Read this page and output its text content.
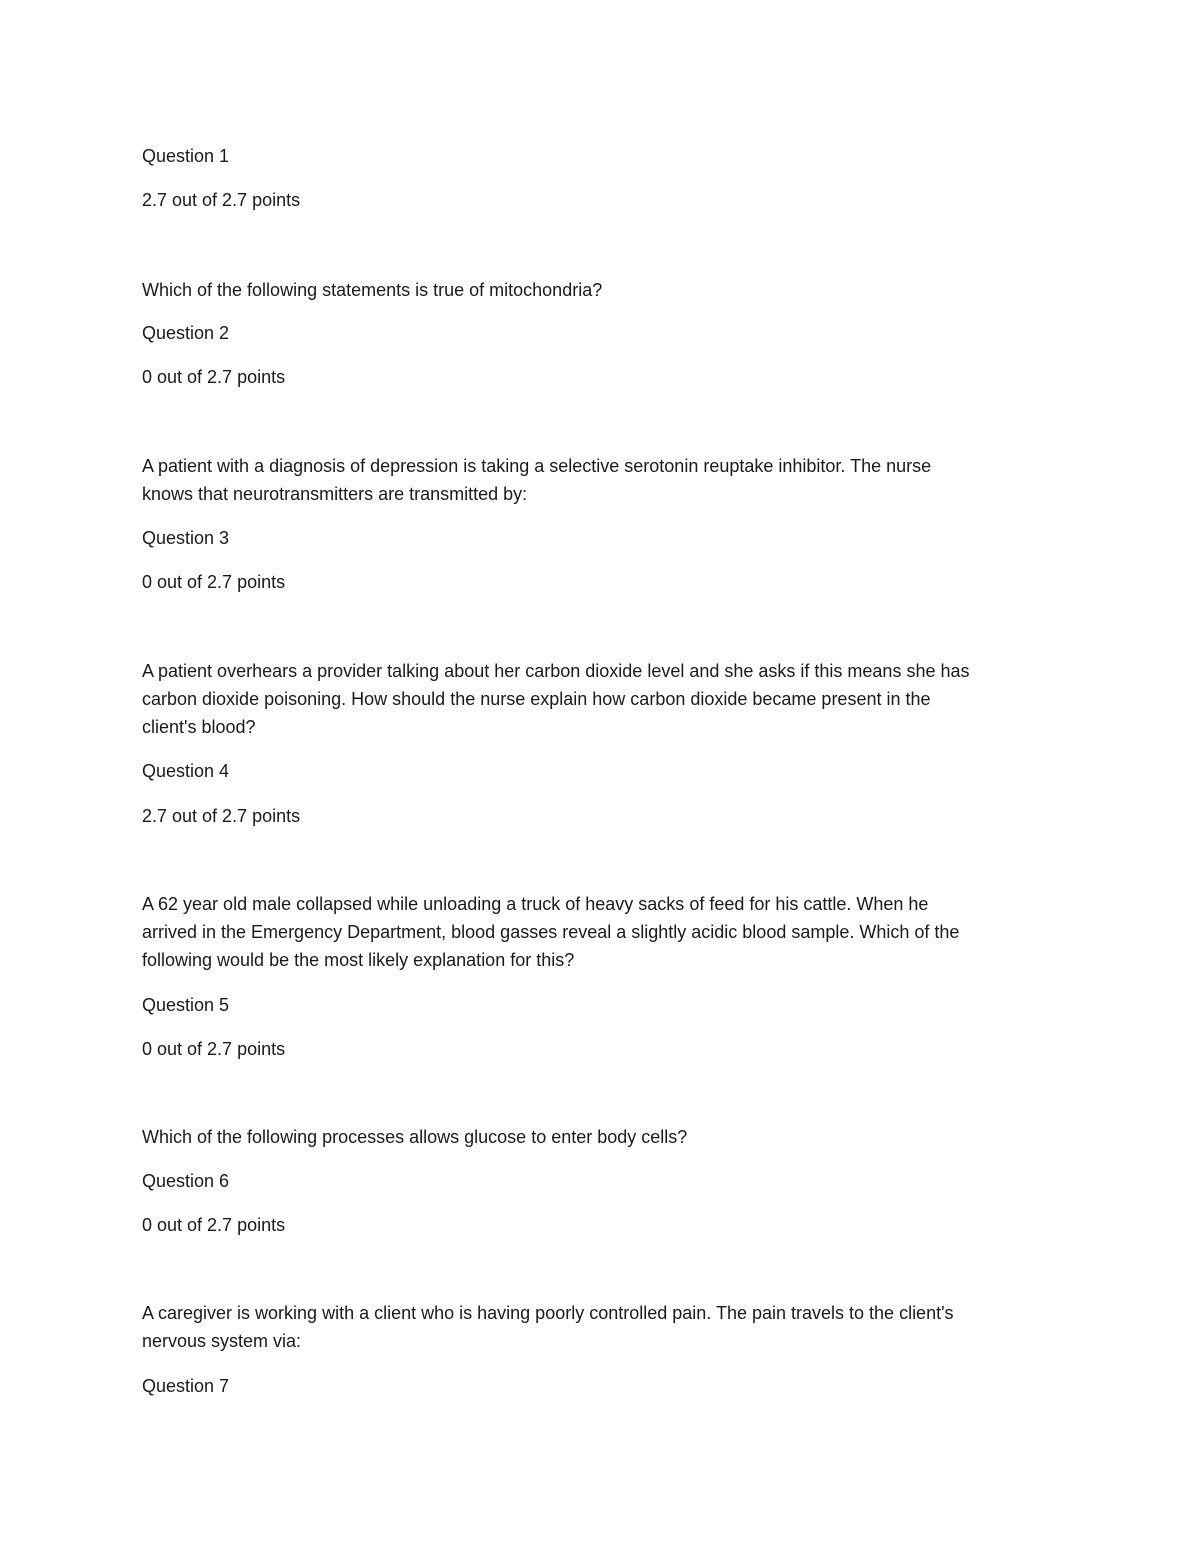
Question 1
2.7 out of 2.7 points
Which of the following statements is true of mitochondria?
Question 2
0 out of 2.7 points
A patient with a diagnosis of depression is taking a selective serotonin reuptake inhibitor. The nurse
knows that neurotransmitters are transmitted by:
Question 3
0 out of 2.7 points
A patient overhears a provider talking about her carbon dioxide level and she asks if this means she has
carbon dioxide poisoning. How should the nurse explain how carbon dioxide became present in the
client's blood?
Question 4
2.7 out of 2.7 points
A 62 year old male collapsed while unloading a truck of heavy sacks of feed for his cattle. When he
arrived in the Emergency Department, blood gasses reveal a slightly acidic blood sample. Which of the
following would be the most likely explanation for this?
Question 5
0 out of 2.7 points
Which of the following processes allows glucose to enter body cells?
Question 6
0 out of 2.7 points
A caregiver is working with a client who is having poorly controlled pain. The pain travels to the client's
nervous system via:
Question 7
